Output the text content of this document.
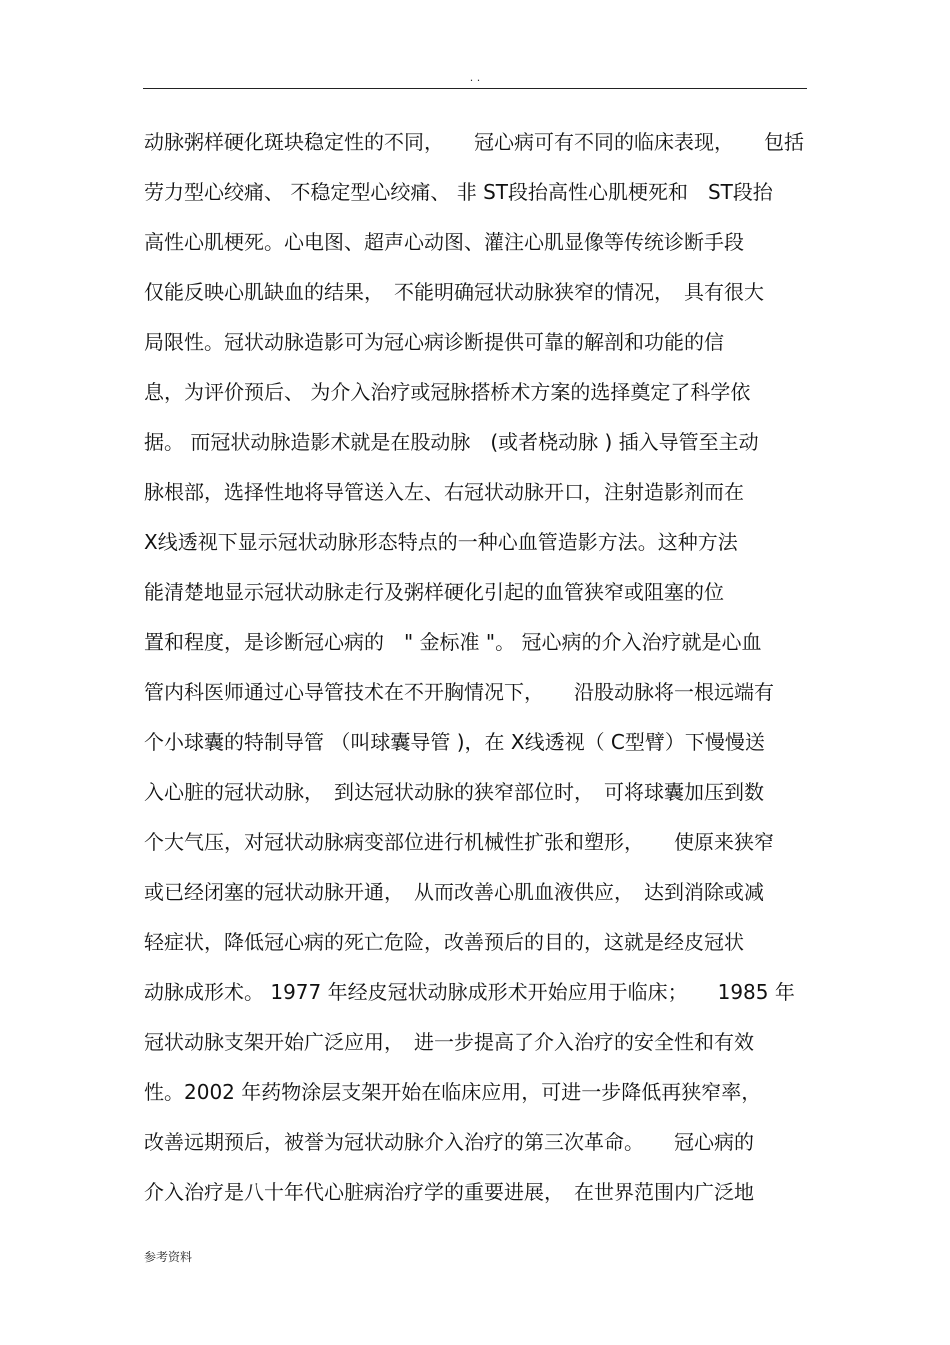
. .
动脉粥样硬化斑块稳定性的不同，　　冠心病可有不同的临床表现，　　包括
劳力型心绞痛、 不稳定型心绞痛、 非 ST段抬高性心肌梗死和　ST段抬
高性心肌梗死。心电图、超声心动图、灌注心肌显像等传统诊断手段
仅能反映心肌缺血的结果，　不能明确冠状动脉狭窄的情况，　具有很大
局限性。冠状动脉造影可为冠心病诊断提供可靠的解剖和功能的信
息，为评价预后、 为介入治疗或冠脉搭桥术方案的选择奠定了科学依
据。 而冠状动脉造影术就是在股动脉　(或者桡动脉 ) 插入导管至主动
脉根部，选择性地将导管送入左、右冠状动脉开口，注射造影剂而在
X线透视下显示冠状动脉形态特点的一种心血管造影方法。这种方法
能清楚地显示冠状动脉走行及粥样硬化引起的血管狭窄或阻塞的位
置和程度，是诊断冠心病的　" 金标准 "。 冠心病的介入治疗就是心血
管内科医师通过心导管技术在不开胸情况下，　　沿股动脉将一根远端有
个小球囊的特制导管 （叫球囊导管 )，在 X线透视（ C型臂）下慢慢送
入心脏的冠状动脉，　到达冠状动脉的狭窄部位时，　可将球囊加压到数
个大气压，对冠状动脉病变部位进行机械性扩张和塑形，　　使原来狭窄
或已经闭塞的冠状动脉开通，　从而改善心肌血液供应，　达到消除或减
轻症状，降低冠心病的死亡危险，改善预后的目的，这就是经皮冠状
动脉成形术。 1977 年经皮冠状动脉成形术开始应用于临床；　　1985 年
冠状动脉支架开始广泛应用，　进一步提高了介入治疗的安全性和有效
性。2002 年药物涂层支架开始在临床应用，可进一步降低再狭窄率，
改善远期预后，被誉为冠状动脉介入治疗的第三次革命。　　冠心病的
介入治疗是八十年代心脏病治疗学的重要进展，　在世界范围内广泛地
参考资料
